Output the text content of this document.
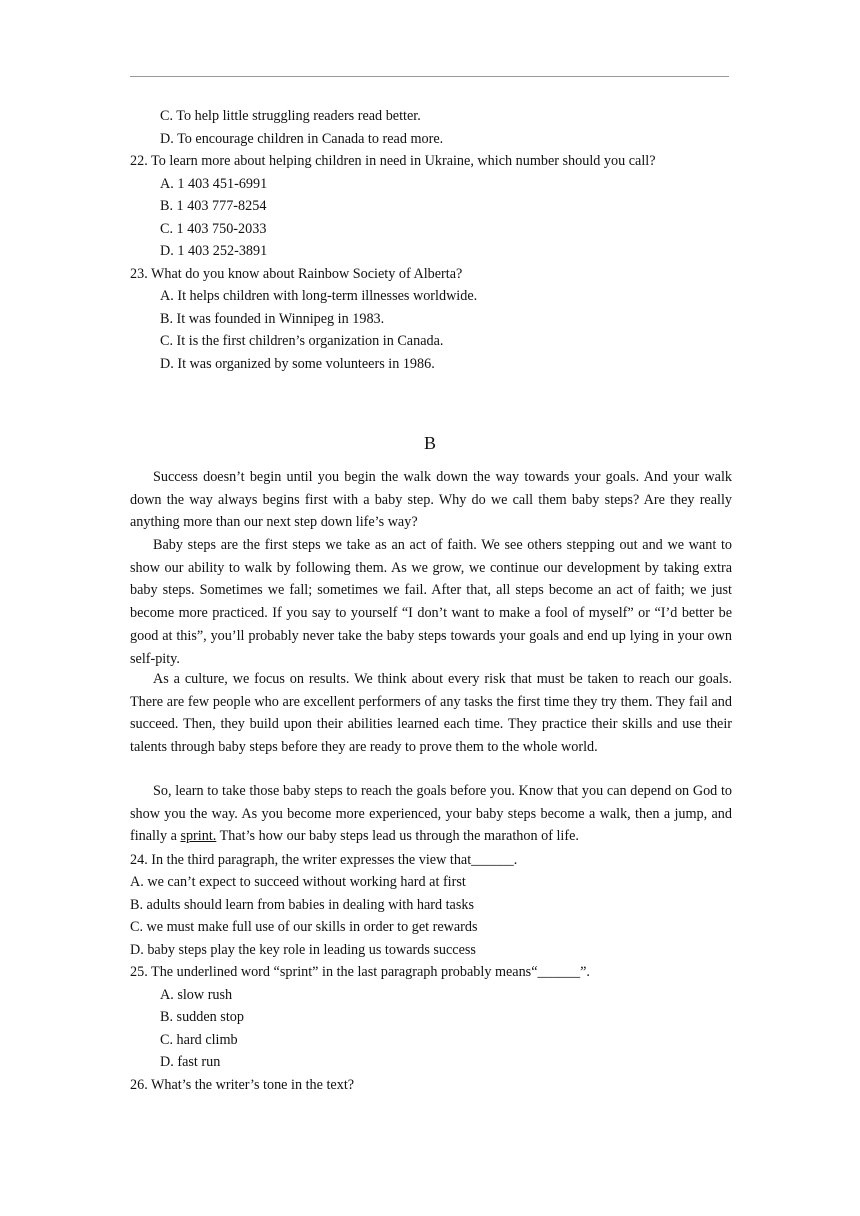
C. To help little struggling readers read better.
D. To encourage children in Canada to read more.
22. To learn more about helping children in need in Ukraine, which number should you call?
A. 1 403 451-6991
B. 1 403 777-8254
C. 1 403 750-2033
D. 1 403 252-3891
23. What do you know about Rainbow Society of Alberta?
A. It helps children with long-term illnesses worldwide.
B. It was founded in Winnipeg in 1983.
C. It is the first children’s organization in Canada.
D. It was organized by some volunteers in 1986.
B

Success doesn’t begin until you begin the walk down the way towards your goals. And your walk down the way always begins first with a baby step. Why do we call them baby steps? Are they really anything more than our next step down life’s way?

Baby steps are the first steps we take as an act of faith. We see others stepping out and we want to show our ability to walk by following them. As we grow, we continue our development by taking extra baby steps. Sometimes we fall; sometimes we fail. After that, all steps become an act of faith; we just become more practiced. If you say to yourself “I don’t want to make a fool of myself” or “I’d better be good at this”, you’ll probably never take the baby steps towards your goals and end up lying in your own self-pity.

As a culture, we focus on results. We think about every risk that must be taken to reach our goals. There are few people who are excellent performers of any tasks the first time they try them. They fail and succeed. Then, they build upon their abilities learned each time. They practice their skills and use their talents through baby steps before they are ready to prove them to the whole world.

So, learn to take those baby steps to reach the goals before you. Know that you can depend on God to show you the way. As you become more experienced, your baby steps become a walk, then a jump, and finally a sprint. That’s how our baby steps lead us through the marathon of life.

24. In the third paragraph, the writer expresses the view that______.
A. we can’t expect to succeed without working hard at first
B. adults should learn from babies in dealing with hard tasks
C. we must make full use of our skills in order to get rewards
D. baby steps play the key role in leading us towards success
25. The underlined word “sprint” in the last paragraph probably means“______”.
A. slow rush
B. sudden stop
C. hard climb
D. fast run
26. What’s the writer’s tone in the text?
